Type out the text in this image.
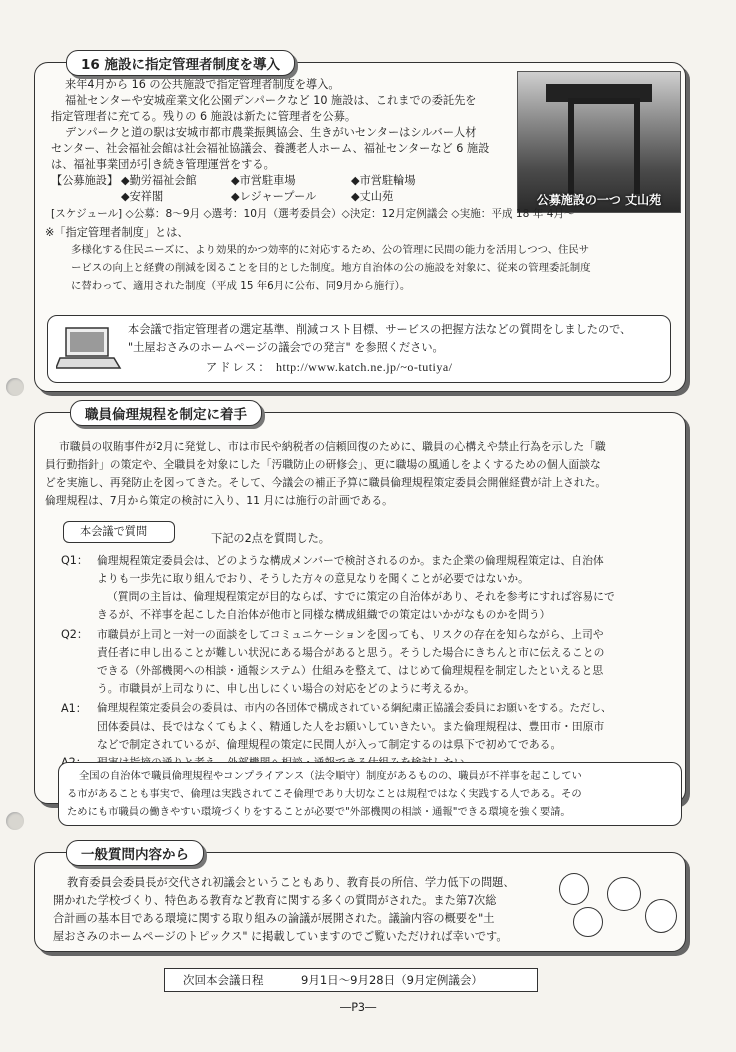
公募施設の一つ 丈山苑
来年4月から 16 の公共施設で指定管理者制度を導入。
福祉センターや安城産業文化公園デンパークなど 10 施設は、これまでの委託先を
指定管理者に充てる。残りの 6 施設は新たに管理者を公募。
デンパークと道の駅は安城市都市農業振興協会、生きがいセンターはシルバー人材
センター、社会福祉会館は社会福祉協議会、養護老人ホーム、福祉センターなど 6 施設
は、福祉事業団が引き続き管理運営をする。
【公募施設】 ◆勤労福祉会館	◆市営駐車場	◆市営駐輪場
◆安祥閣	◆レジャープール	◆丈山苑
[スケジュール] ◇公募：8～9月 ◇選考：10月（選考委員会）◇決定：12月定例議会 ◇実施：平成 18 年 4月～
※「指定管理者制度」とは、
多様化する住民ニーズに、より効果的かつ効率的に対応するため、公の管理に民間の能力を活用しつつ、住民サ
ービスの向上と経費の削減を図ることを目的とした制度。地方自治体の公の施設を対象に、従来の管理委託制度
に替わって、適用された制度（平成 15 年6月に公布、同9月から施行）。
本会議で指定管理者の選定基準、削減コスト目標、サービスの把握方法などの質問をしましたので、
"土屋おさみのホームページの議会での発言" を参照ください。
アドレス： http://www.katch.ne.jp/~o-tutiya/
16 施設に指定管理者制度を導入
市職員の収賄事件が2月に発覚し、市は市民や納税者の信頼回復のために、職員の心構えや禁止行為を示した「職
員行動指針」の策定や、全職員を対象にした「汚職防止の研修会」、更に職場の風通しをよくするための個人面談な
どを実施し、再発防止を図ってきた。そして、今議会の補正予算に職員倫理規程策定委員会開催経費が計上された。
倫理規程は、7月から策定の検討に入り、11 月には施行の計画である。
本会議で質問
下記の2点を質問した。
Q1： 倫理規程策定委員会は、どのような構成メンバーで検討されるのか。また企業の倫理規程策定は、自治体
よりも一歩先に取り組んでおり、そうした方々の意見なりを聞くことが必要ではないか。
（質問の主旨は、倫理規程策定が目的ならば、すでに策定の自治体があり、それを参考にすれば容易にで
きるが、不祥事を起こした自治体が他市と同様な構成組織での策定はいかがなものかを問う）
Q2： 市職員が上司と一対一の面談をしてコミュニケーションを図っても、リスクの存在を知らながら、上司や
責任者に申し出ることが難しい状況にある場合があると思う。そうした場合にきちんと市に伝えることの
できる（外部機関への相談・通報システム）仕組みを整えて、はじめて倫理規程を制定したといえると思
う。市職員が上司なりに、申し出しにくい場合の対応をどのように考えるか。
A1： 倫理規程策定委員会の委員は、市内の各団体で構成されている綱紀粛正協議会委員にお願いをする。ただし、
団体委員は、長ではなくてもよく、精通した人をお願いしていきたい。また倫理規程は、豊田市・田原市
などで制定されているが、倫理規程の策定に民間人が入って制定するのは県下で初めてである。
職員倫理規程を制定に着手
全国の自治体で職員倫理規程やコンプライアンス（法令順守）制度があるものの、職員が不祥事を起こしてい
る市があることも事実で、倫理は実践されてこそ倫理であり大切なことは規程ではなく実践する人である。その
ためにも市職員の働きやすい環境づくりをすることが必要で"外部機関の相談・通報"できる環境を強く要請。
教育委員会委員長が交代され初議会ということもあり、教育長の所信、学力低下の問題、
開かれた学校づくり、特色ある教育など教育に関する多くの質問がされた。また第7次総
合計画の基本目である環境に関する取り組みの論議が展開された。議論内容の概要を"土
屋おさみのホームページのトピックス" に掲載していますのでご覧いただければ幸いです。
一般質問内容から
次回本会議日程	9月1日～9月28日（9月定例議会）
―P3―
